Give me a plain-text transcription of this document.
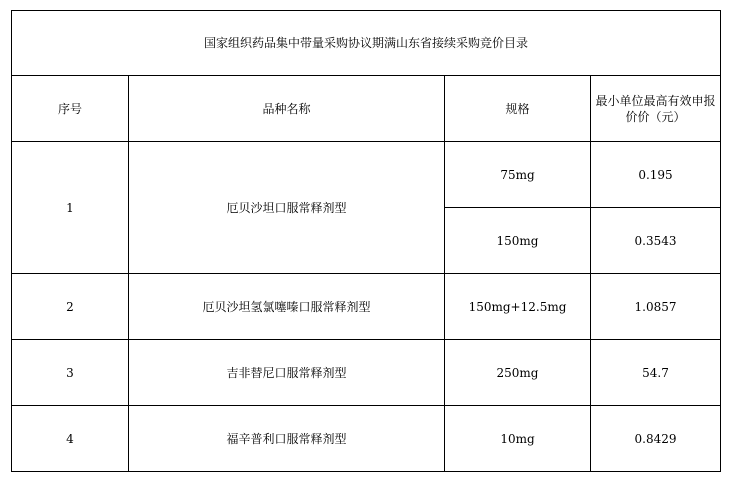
国家组织药品集中带量采购协议期满山东省接续采购竞价目录			
序号	品种名称	规格	最小单位最高有效申报价价（元）
1	厄贝沙坦口服常释剂型	75mg	0.195
		150mg	0.3543
2	厄贝沙坦氢氯噻嗪口服常释剂型	150mg+12.5mg	1.0857
3	吉非替尼口服常释剂型	250mg	54.7
4	福辛普利口服常释剂型	10mg	0.8429
